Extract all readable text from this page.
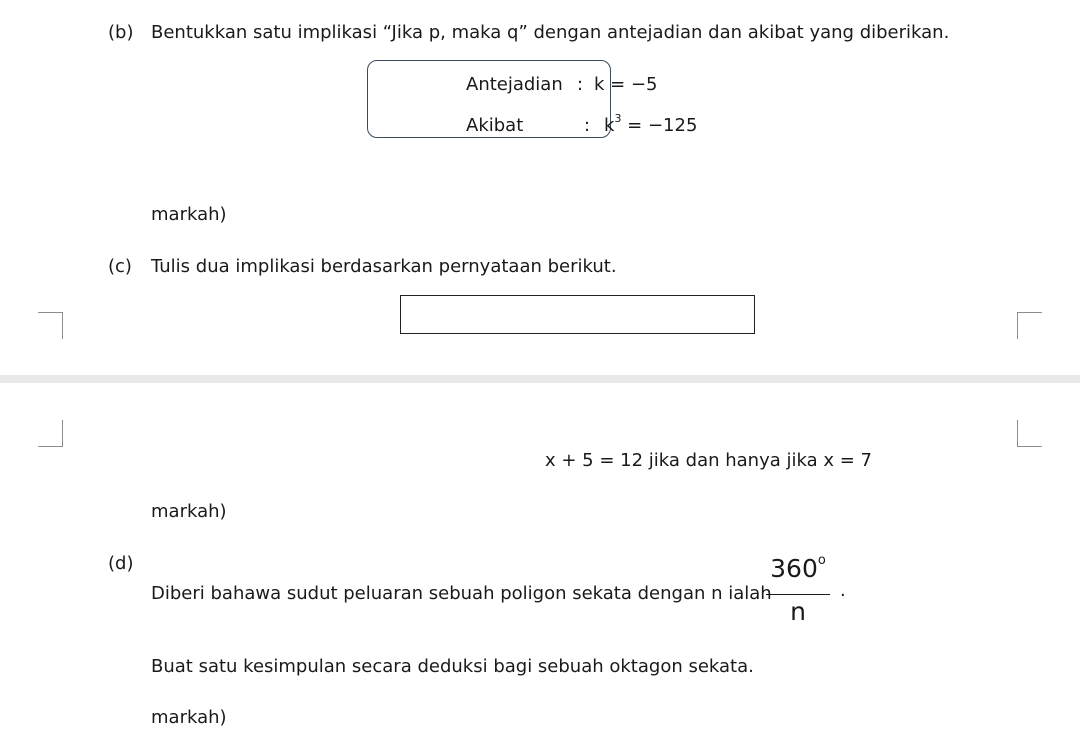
(b) Bentukkan satu implikasi “Jika p, maka q” dengan antejadian dan akibat yang diberikan.
Antejadian : k = −5
Akibat	: $k^3 = -125$
markah)
(c) Tulis dua implikasi berdasarkan pernyataan berikut.
x + 5 = 12 jika dan hanya jika x = 7
markah)
(d)
Diberi bahawa sudut peluaran sebuah poligon sekata dengan n ialah
360$^o$
n
.
Buat satu kesimpulan secara deduksi bagi sebuah oktagon sekata.
markah)
